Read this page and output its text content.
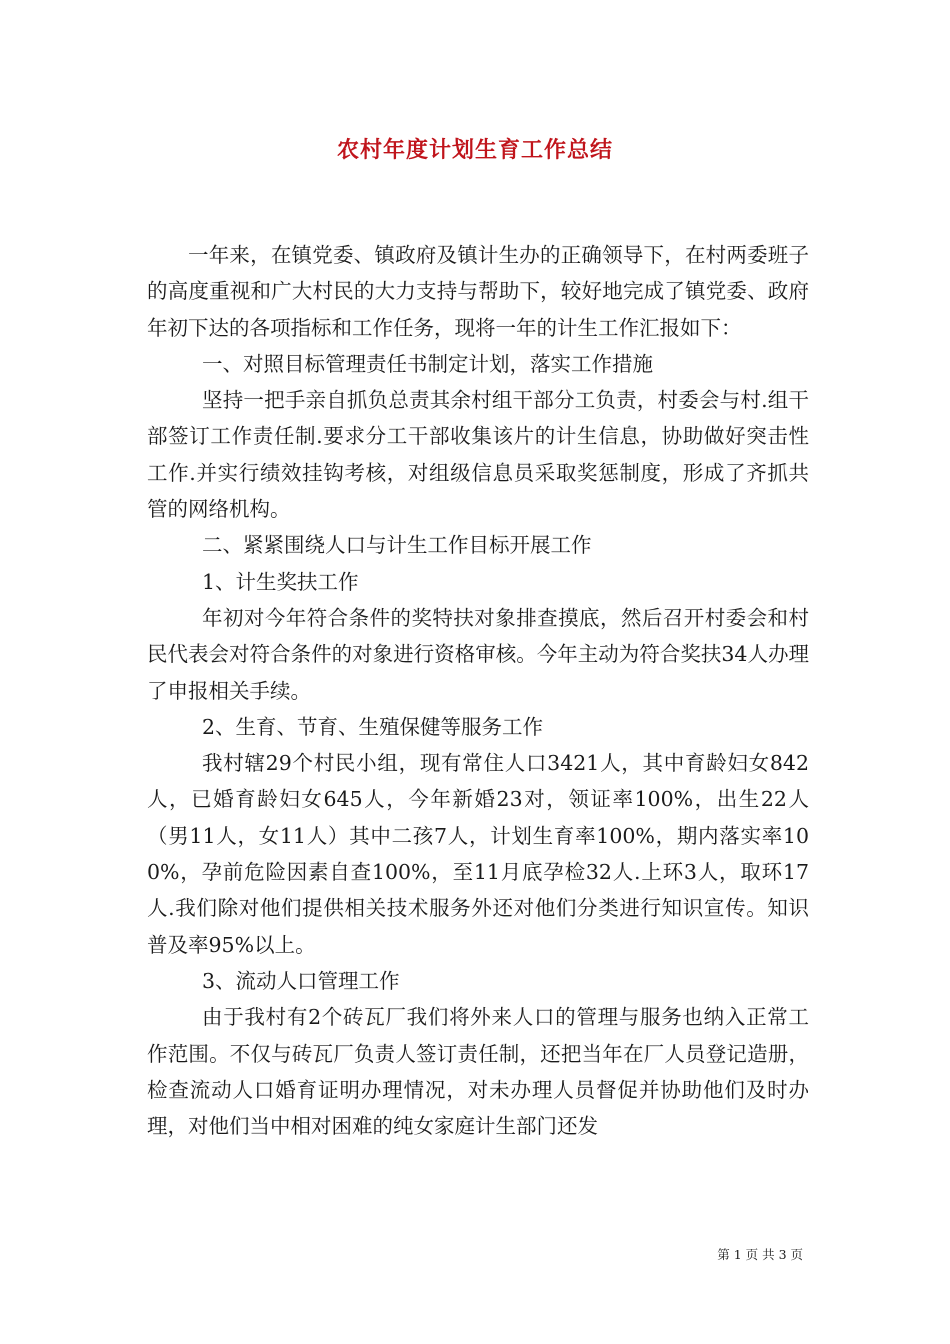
农村年度计划生育工作总结

一年来，在镇党委、镇政府及镇计生办的正确领导下，在村两委班子的高度重视和广大村民的大力支持与帮助下，较好地完成了镇党委、政府年初下达的各项指标和工作任务，现将一年的计生工作汇报如下：

一、对照目标管理责任书制定计划，落实工作措施

坚持一把手亲自抓负总责其余村组干部分工负责，村委会与村.组干部签订工作责任制.要求分工干部收集该片的计生信息，协助做好突击性工作.并实行绩效挂钩考核，对组级信息员采取奖惩制度，形成了齐抓共管的网络机构。

二、紧紧围绕人口与计生工作目标开展工作

1、计生奖扶工作

年初对今年符合条件的奖特扶对象排查摸底，然后召开村委会和村民代表会对符合条件的对象进行资格审核。今年主动为符合奖扶34人办理了申报相关手续。

2、生育、节育、生殖保健等服务工作

我村辖29个村民小组，现有常住人口3421人，其中育龄妇女842人，已婚育龄妇女645人，今年新婚23对，领证率100%，出生22人（男11人，女11人）其中二孩7人，计划生育率100%，期内落实率100%，孕前危险因素自查100%，至11月底孕检32人.上环3人，取环17人.我们除对他们提供相关技术服务外还对他们分类进行知识宣传。知识普及率95%以上。

3、流动人口管理工作

由于我村有2个砖瓦厂我们将外来人口的管理与服务也纳入正常工作范围。不仅与砖瓦厂负责人签订责任制，还把当年在厂人员登记造册，检查流动人口婚育证明办理情况，对未办理人员督促并协助他们及时办理，对他们当中相对困难的纯女家庭计生部门还发

第 1 页 共 3 页
